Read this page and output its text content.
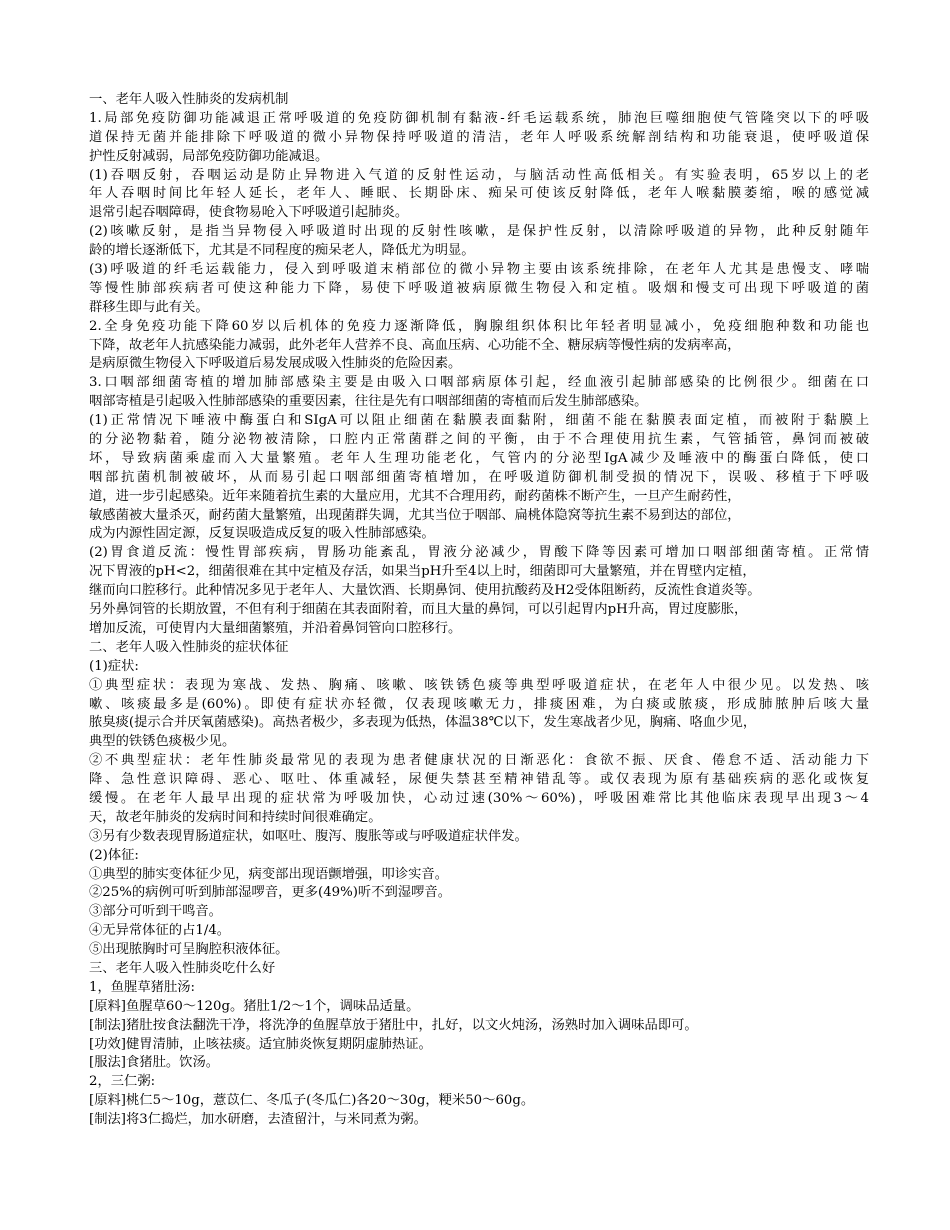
一、老年人吸入性肺炎的发病机制
1.局部免疫防御功能减退正常呼吸道的免疫防御机制有黏液-纤毛运载系统，肺泡巨噬细胞使气管隆突以下的呼吸
道保持无菌并能排除下呼吸道的微小异物保持呼吸道的清洁，老年人呼吸系统解剖结构和功能衰退，使呼吸道保
护性反射减弱，局部免疫防御功能减退。
(1)吞咽反射，吞咽运动是防止异物进入气道的反射性运动，与脑活动性高低相关。有实验表明，65岁以上的老
年人吞咽时间比年轻人延长，老年人、睡眠、长期卧床、痴呆可使该反射降低，老年人喉黏膜萎缩，喉的感觉减
退常引起吞咽障碍，使食物易呛入下呼吸道引起肺炎。
(2)咳嗽反射，是指当异物侵入呼吸道时出现的反射性咳嗽，是保护性反射，以清除呼吸道的异物，此种反射随年
龄的增长逐渐低下，尤其是不同程度的痴呆老人，降低尤为明显。
(3)呼吸道的纤毛运载能力，侵入到呼吸道末梢部位的微小异物主要由该系统排除，在老年人尤其是患慢支、哮喘
等慢性肺部疾病者可使这种能力下降，易使下呼吸道被病原微生物侵入和定植。吸烟和慢支可出现下呼吸道的菌
群移生即与此有关。
2.全身免疫功能下降60岁以后机体的免疫力逐渐降低，胸腺组织体积比年轻者明显减小，免疫细胞种数和功能也
下降，故老年人抗感染能力减弱，此外老年人营养不良、高血压病、心功能不全、糖尿病等慢性病的发病率高，
是病原微生物侵入下呼吸道后易发展成吸入性肺炎的危险因素。
3.口咽部细菌寄植的增加肺部感染主要是由吸入口咽部病原体引起，经血液引起肺部感染的比例很少。细菌在口
咽部寄植是引起吸入性肺部感染的重要因素，往往是先有口咽部细菌的寄植而后发生肺部感染。
(1)正常情况下唾液中酶蛋白和SIgA可以阻止细菌在黏膜表面黏附，细菌不能在黏膜表面定植，而被附于黏膜上
的分泌物黏着，随分泌物被清除，口腔内正常菌群之间的平衡，由于不合理使用抗生素，气管插管，鼻饲而被破
坏，导致病菌乘虚而入大量繁殖。老年人生理功能老化，气管内的分泌型IgA减少及唾液中的酶蛋白降低，使口
咽部抗菌机制被破坏，从而易引起口咽部细菌寄植增加，在呼吸道防御机制受损的情况下，误吸、移植于下呼吸
道，进一步引起感染。近年来随着抗生素的大量应用，尤其不合理用药，耐药菌株不断产生，一旦产生耐药性，
敏感菌被大量杀灭，耐药菌大量繁殖，出现菌群失调，尤其当位于咽部、扁桃体隐窝等抗生素不易到达的部位，
成为内源性固定源，反复误吸造成反复的吸入性肺部感染。
(2)胃食道反流：慢性胃部疾病，胃肠功能紊乱，胃液分泌减少，胃酸下降等因素可增加口咽部细菌寄植。正常情
况下胃液的pH<2，细菌很难在其中定植及存活，如果当pH升至4以上时，细菌即可大量繁殖，并在胃壁内定植，
继而向口腔移行。此种情况多见于老年人、大量饮酒、长期鼻饲、使用抗酸药及H2受体阻断药，反流性食道炎等。
另外鼻饲管的长期放置，不但有利于细菌在其表面附着，而且大量的鼻饲，可以引起胃内pH升高，胃过度膨胀，
增加反流，可使胃内大量细菌繁殖，并沿着鼻饲管向口腔移行。
二、老年人吸入性肺炎的症状体征
(1)症状:
①典型症状：表现为寒战、发热、胸痛、咳嗽、咳铁锈色痰等典型呼吸道症状，在老年人中很少见。以发热、咳
嗽、咳痰最多是(60%)。即使有症状亦轻微，仅表现咳嗽无力，排痰困难，为白痰或脓痰，形成肺脓肿后咳大量
脓臭痰(提示合并厌氧菌感染)。高热者极少，多表现为低热，体温38℃以下，发生寒战者少见，胸痛、咯血少见，
典型的铁锈色痰极少见。
②不典型症状：老年性肺炎最常见的表现为患者健康状况的日渐恶化：食欲不振、厌食、倦怠不适、活动能力下
降、急性意识障碍、恶心、呕吐、体重减轻，尿便失禁甚至精神错乱等。或仅表现为原有基础疾病的恶化或恢复
缓慢。在老年人最早出现的症状常为呼吸加快，心动过速(30%～60%)，呼吸困难常比其他临床表现早出现3～4
天，故老年肺炎的发病时间和持续时间很难确定。
③另有少数表现胃肠道症状，如呕吐、腹泻、腹胀等或与呼吸道症状伴发。
(2)体征:
①典型的肺实变体征少见，病变部出现语颤增强，叩诊实音。
②25%的病例可听到肺部湿啰音，更多(49%)听不到湿啰音。
③部分可听到干鸣音。
④无异常体征的占1/4。
⑤出现脓胸时可呈胸腔积液体征。
三、老年人吸入性肺炎吃什么好
1，鱼腥草猪肚汤:
[原料]鱼腥草60～120g。猪肚1/2～1个，调味品适量。
[制法]猪肚按食法翻洗干净，将洗净的鱼腥草放于猪肚中，扎好，以文火炖汤，汤熟时加入调味品即可。
[功效]健胃清肺，止咳祛痰。适宜肺炎恢复期阴虚肺热证。
[服法]食猪肚。饮汤。
2，三仁粥:
[原料]桃仁5～10g，薏苡仁、冬瓜子(冬瓜仁)各20～30g，粳米50～60g。
[制法]将3仁捣烂，加水研磨，去渣留汁，与米同煮为粥。
